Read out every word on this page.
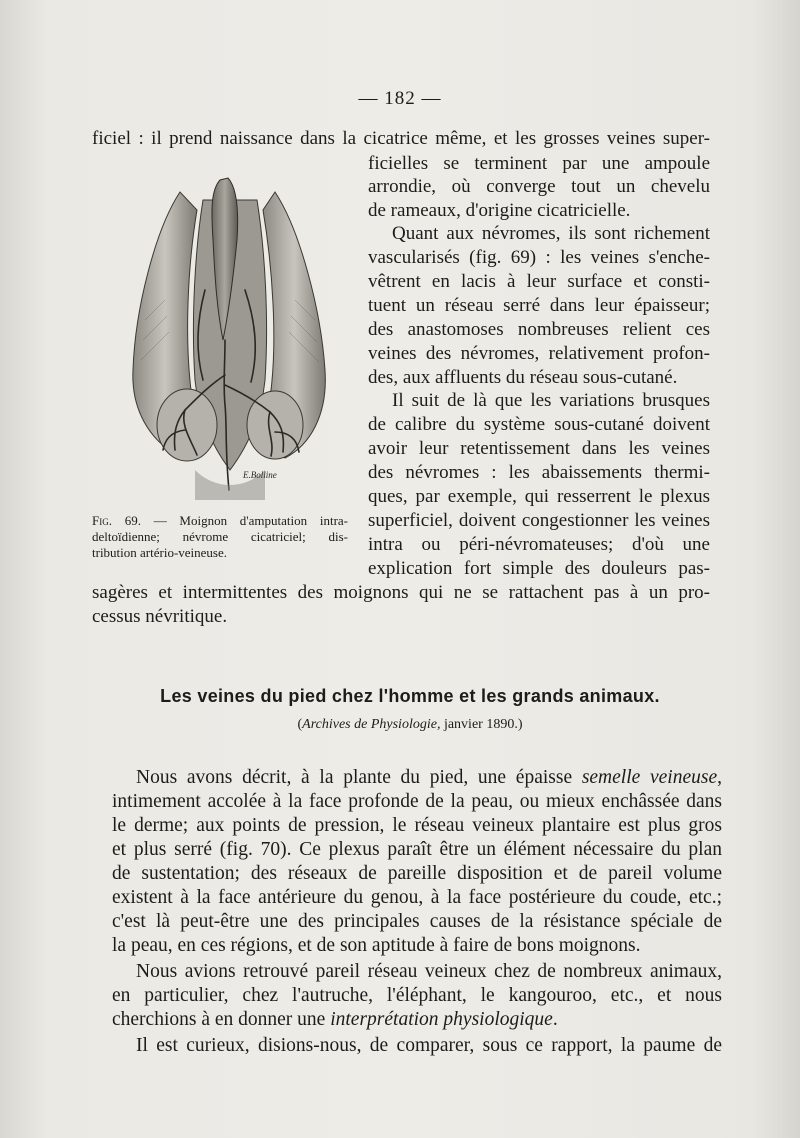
— 182 —
ficiel : il prend naissance dans la cicatrice même, et les grosses veines super-
ficielles se terminent par une ampoule
arrondie, où converge tout un chevelu
de rameaux, d'origine cicatricielle.
Quant aux névromes, ils sont richement
vascularisés (fig. 69) : les veines s'enche-
vêtrent en lacis à leur surface et consti-
tuent un réseau serré dans leur épaisseur;
des anastomoses nombreuses relient ces
veines des névromes, relativement profon-
des, aux affluents du réseau sous-cutané.
Il suit de là que les variations brusques
de calibre du système sous-cutané doivent
avoir leur retentissement dans les veines
des névromes : les abaissements thermi-
ques, par exemple, qui resserrent le plexus
superficiel, doivent congestionner les veines
intra ou péri-névromateuses; d'où une
explication fort simple des douleurs pas-
sagères et intermittentes des moignons qui ne se rattachent pas à un pro-
cessus névritique.
E.Bolline
Fig. 69. — Moignon d'amputation intra-
deltoïdienne; névrome cicatriciel; dis-
tribution artério-veineuse.
Les veines du pied chez l'homme et les grands animaux.
(Archives de Physiologie, janvier 1890.)
Nous avons décrit, à la plante du pied, une épaisse semelle veineuse,
intimement accolée à la face profonde de la peau, ou mieux enchâssée dans
le derme; aux points de pression, le réseau veineux plantaire est plus gros
et plus serré (fig. 70). Ce plexus paraît être un élément nécessaire du plan
de sustentation; des réseaux de pareille disposition et de pareil volume
existent à la face antérieure du genou, à la face postérieure du coude, etc.;
c'est là peut-être une des principales causes de la résistance spéciale de
la peau, en ces régions, et de son aptitude à faire de bons moignons.
Nous avions retrouvé pareil réseau veineux chez de nombreux animaux,
en particulier, chez l'autruche, l'éléphant, le kangouroo, etc., et nous
cherchions à en donner une interprétation physiologique.
Il est curieux, disions-nous, de comparer, sous ce rapport, la paume de
